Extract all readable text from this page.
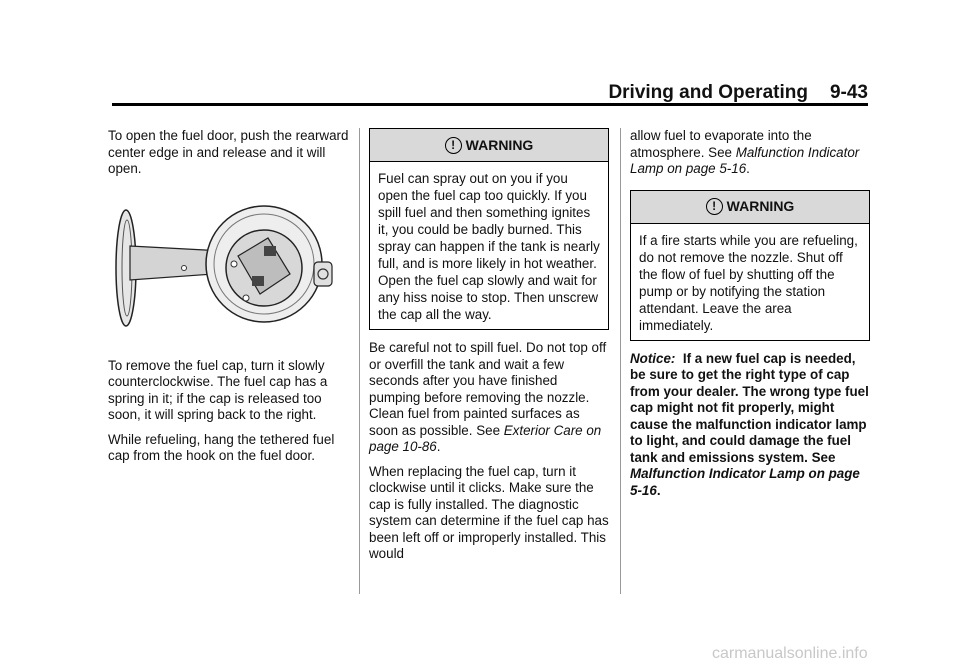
Driving and Operating 9-43

To open the fuel door, push the rearward center edge in and release and it will open.

To remove the fuel cap, turn it slowly counterclockwise. The fuel cap has a spring in it; if the cap is released too soon, it will spring back to the right.

While refueling, hang the tethered fuel cap from the hook on the fuel door.

! WARNING
Fuel can spray out on you if you open the fuel cap too quickly. If you spill fuel and then something ignites it, you could be badly burned. This spray can happen if the tank is nearly full, and is more likely in hot weather. Open the fuel cap slowly and wait for any hiss noise to stop. Then unscrew the cap all the way.

Be careful not to spill fuel. Do not top off or overfill the tank and wait a few seconds after you have finished pumping before removing the nozzle. Clean fuel from painted surfaces as soon as possible. See Exterior Care on page 10-86.

When replacing the fuel cap, turn it clockwise until it clicks. Make sure the cap is fully installed. The diagnostic system can determine if the fuel cap has been left off or improperly installed. This would

allow fuel to evaporate into the atmosphere. See Malfunction Indicator Lamp on page 5-16.

! WARNING
If a fire starts while you are refueling, do not remove the nozzle. Shut off the flow of fuel by shutting off the pump or by notifying the station attendant. Leave the area immediately.

Notice: If a new fuel cap is needed, be sure to get the right type of cap from your dealer. The wrong type fuel cap might not fit properly, might cause the malfunction indicator lamp to light, and could damage the fuel tank and emissions system. See Malfunction Indicator Lamp on page 5-16.

carmanualsonline.info
